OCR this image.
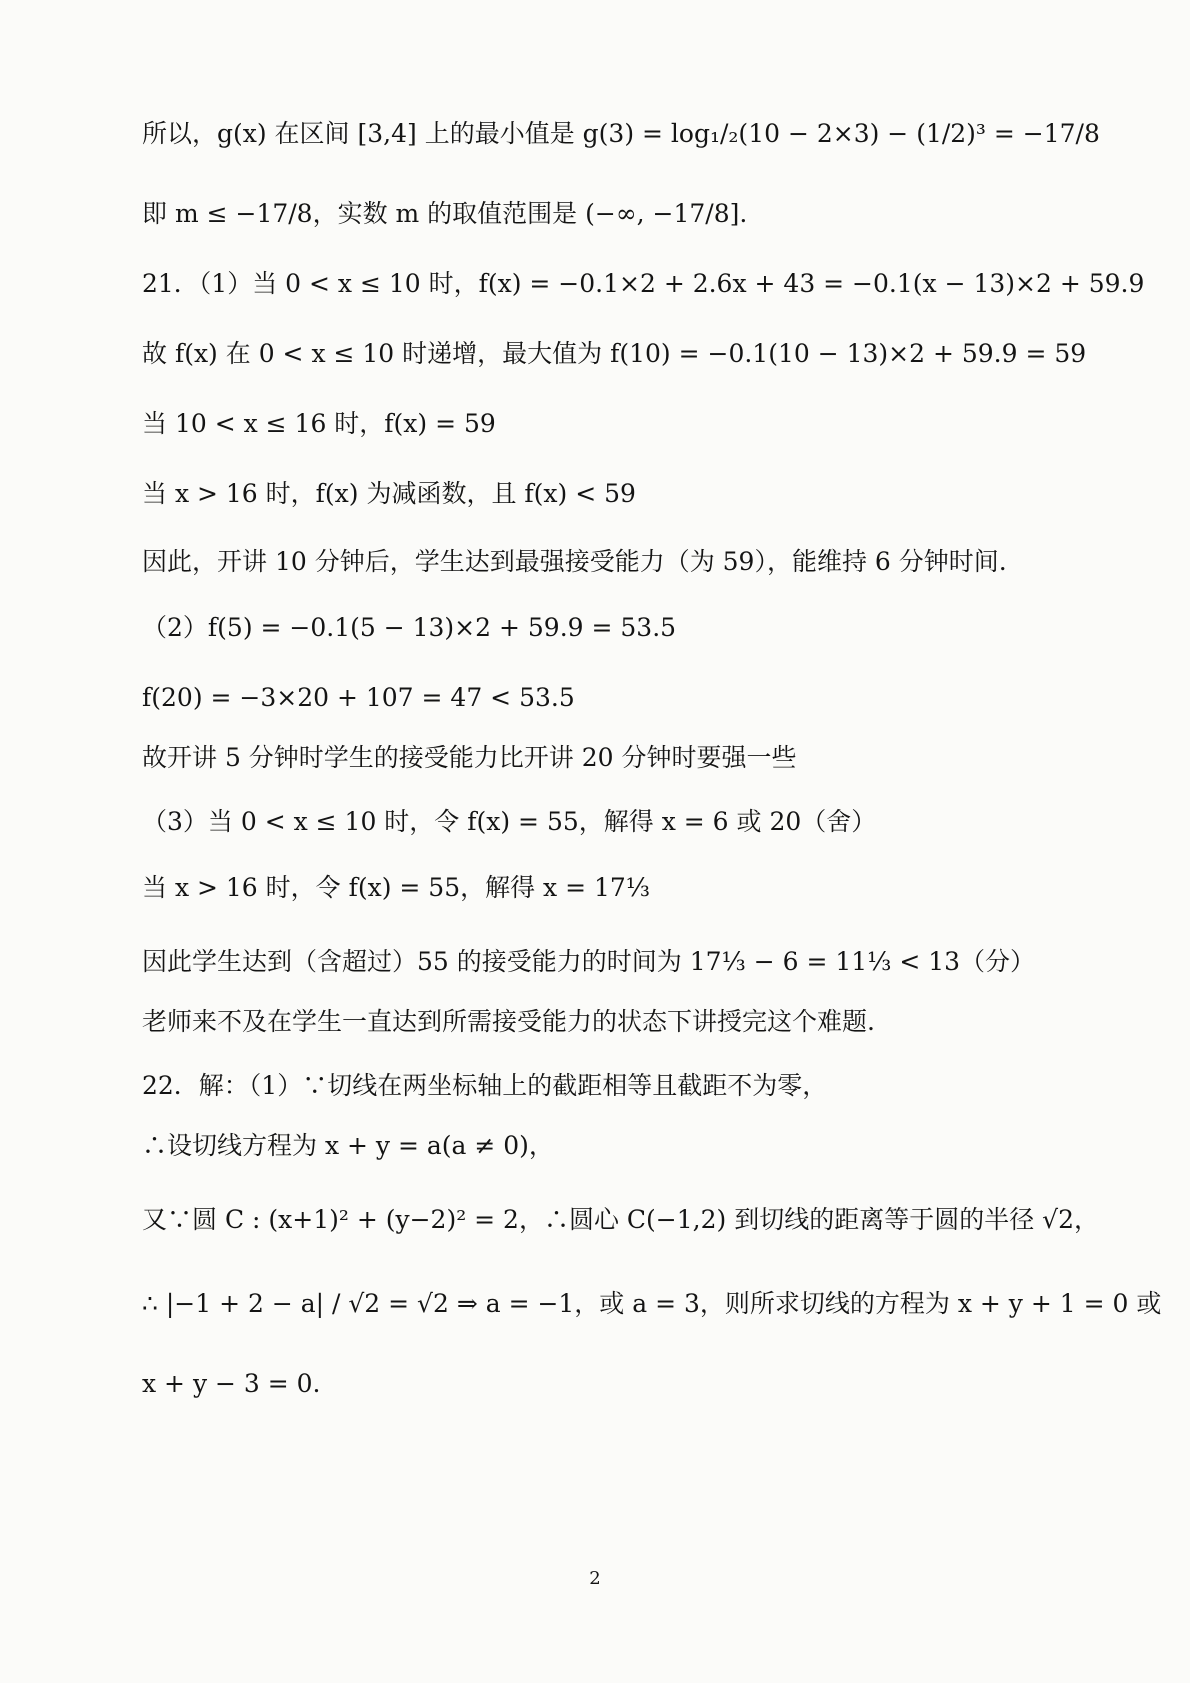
所以，g(x) 在区间 [3,4] 上的最小值是 g(3) = log₁/₂(10 − 2×3) − (1/2)³ = −17/8
即 m ≤ −17/8，实数 m 的取值范围是 (−∞, −17/8].
21．（1）当 0 < x ≤ 10 时，f(x) = −0.1×2 + 2.6x + 43 = −0.1(x − 13)×2 + 59.9
故 f(x) 在 0 < x ≤ 10 时递增，最大值为 f(10) = −0.1(10 − 13)×2 + 59.9 = 59
当 10 < x ≤ 16 时，f(x) = 59
当 x > 16 时，f(x) 为减函数，且 f(x) < 59
因此，开讲 10 分钟后，学生达到最强接受能力（为 59），能维持 6 分钟时间.
（2）f(5) = −0.1(5 − 13)×2 + 59.9 = 53.5
f(20) = −3×20 + 107 = 47 < 53.5
故开讲 5 分钟时学生的接受能力比开讲 20 分钟时要强一些
（3）当 0 < x ≤ 10 时，令 f(x) = 55，解得 x = 6 或 20（舍）
当 x > 16 时，令 f(x) = 55，解得 x = 17⅓
因此学生达到（含超过）55 的接受能力的时间为 17⅓ − 6 = 11⅓ < 13（分）
老师来不及在学生一直达到所需接受能力的状态下讲授完这个难题.
22．解：（1）∵切线在两坐标轴上的截距相等且截距不为零，
∴设切线方程为 x + y = a(a ≠ 0)，
又∵圆 C : (x+1)² + (y−2)² = 2，∴圆心 C(−1,2) 到切线的距离等于圆的半径 √2，
∴ |−1 + 2 − a| / √2 = √2 ⇒ a = −1，或 a = 3，则所求切线的方程为 x + y + 1 = 0 或
x + y − 3 = 0.
2
